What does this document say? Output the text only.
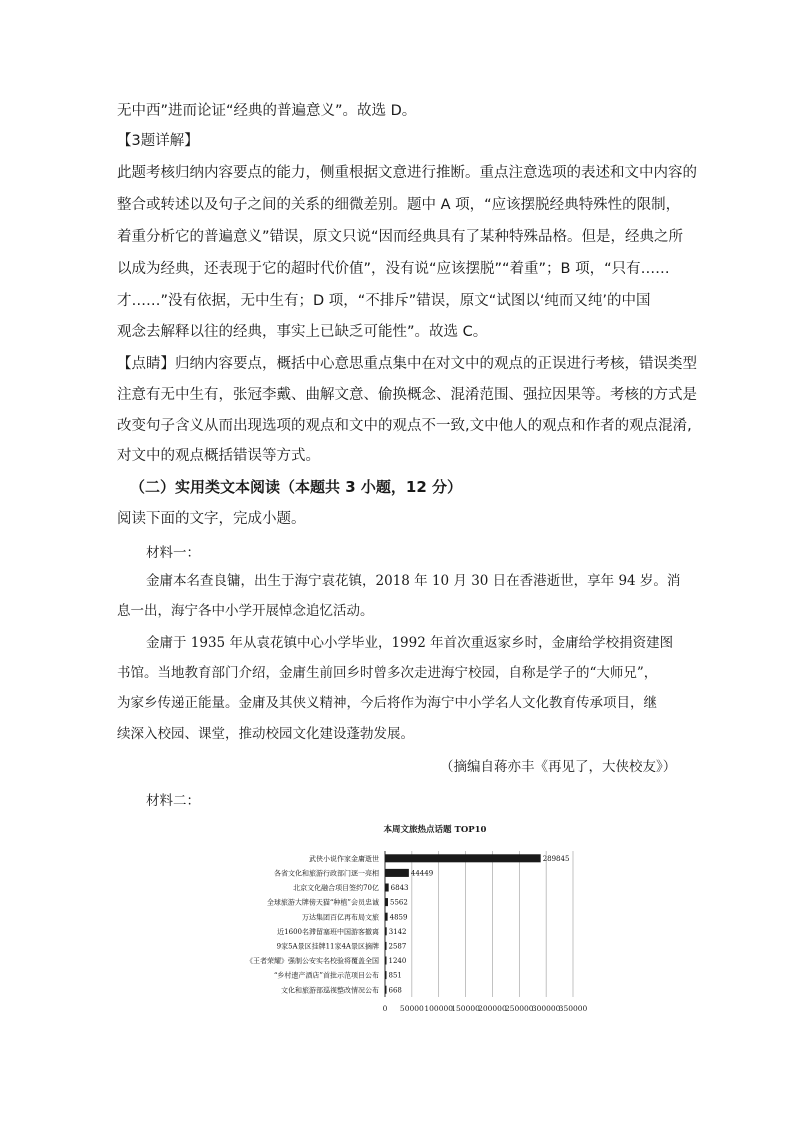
无中西”进而论证“经典的普遍意义”。故选 D。
【3题详解】
此题考核归纳内容要点的能力，侧重根据文意进行推断。重点注意选项的表述和文中内容的
整合或转述以及句子之间的关系的细微差别。题中 A 项，“应该摆脱经典特殊性的限制，
着重分析它的普遍意义”错误，原文只说“因而经典具有了某种特殊品格。但是，经典之所
以成为经典，还表现于它的超时代价值”，没有说“应该摆脱”“着重”；B 项，“只有……
才……”没有依据，无中生有；D 项，“不排斥”错误，原文“试图以‘纯而又纯’的中国
观念去解释以往的经典，事实上已缺乏可能性”。故选 C。
【点睛】归纳内容要点，概括中心意思重点集中在对文中的观点的正误进行考核，错误类型
注意有无中生有，张冠李戴、曲解文意、偷换概念、混淆范围、强拉因果等。考核的方式是
改变句子含义从而出现选项的观点和文中的观点不一致,文中他人的观点和作者的观点混淆,
对文中的观点概括错误等方式。
（二）实用类文本阅读（本题共 3 小题，12 分）
阅读下面的文字，完成小题。
材料一：
金庸本名查良镛，出生于海宁袁花镇，2018 年 10 月 30 日在香港逝世，享年 94 岁。消
息一出，海宁各中小学开展悼念追忆活动。
金庸于 1935 年从袁花镇中心小学毕业，1992 年首次重返家乡时，金庸给学校捐资建图
书馆。当地教育部门介绍，金庸生前回乡时曾多次走进海宁校园，自称是学子的“大师兄”，
为家乡传递正能量。金庸及其侠义精神，今后将作为海宁中小学名人文化教育传承项目，继
续深入校园、课堂，推动校园文化建设蓬勃发展。
（摘编自蒋亦丰《再见了，大侠校友》）
材料二：
本周文旅热点话题 TOP10
0 50000 100000
150000
200000
250000
300000
350000
武侠小说作家金庸逝世	289845
各省文化和旅游行政部门逐一亮相	44449
北京文化融合项目签约70亿 6843
全球旅游大牌傍天猫“种植”会员忠诚 5562
万达集团百亿再布局文旅 4859
近1600名滞留塞班中国游客撤离 3142
9家5A景区挂牌11家4A景区摘牌 2587
《王者荣耀》强制公安实名校验将覆盖全国 1240
“乡村遗产酒店”首批示范项目公布 851
文化和旅游部巡视整改情况公布 668
